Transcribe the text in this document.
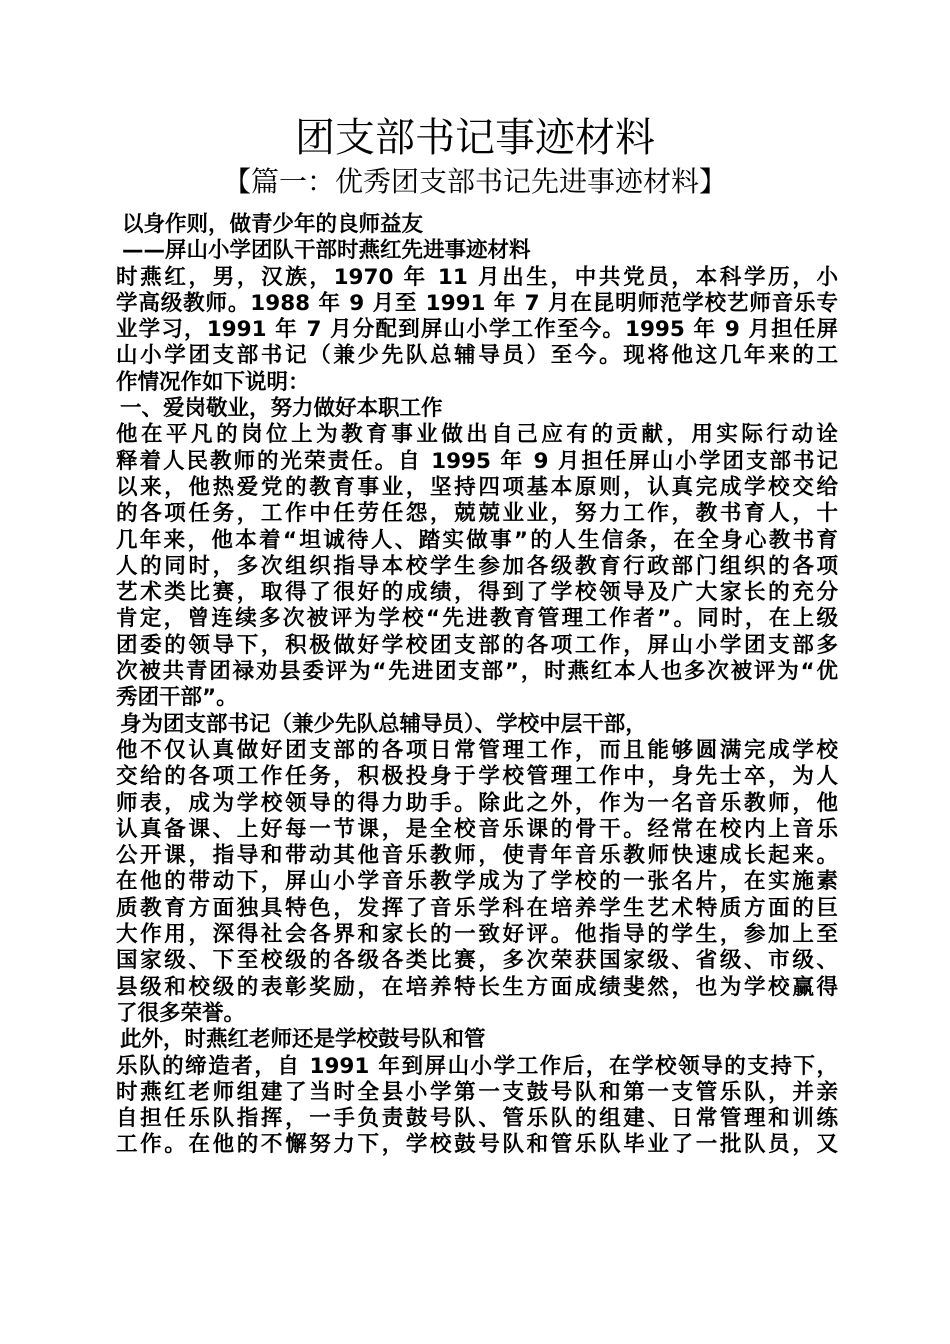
团支部书记事迹材料
【篇一：优秀团支部书记先进事迹材料】
以身作则，做青少年的良师益友
——屏山小学团队干部时燕红先进事迹材料
时燕红，男，汉族，1970 年 11 月出生，中共党员，本科学历，小
学高级教师。1988 年 9 月至 1991 年 7 月在昆明师范学校艺师音乐专
业学习，1991 年 7 月分配到屏山小学工作至今。1995 年 9 月担任屏
山小学团支部书记（兼少先队总辅导员）至今。现将他这几年来的工
作情况作如下说明：
一、爱岗敬业，努力做好本职工作
他在平凡的岗位上为教育事业做出自己应有的贡献，用实际行动诠
释着人民教师的光荣责任。自 1995 年 9 月担任屏山小学团支部书记
以来，他热爱党的教育事业，坚持四项基本原则，认真完成学校交给
的各项任务，工作中任劳任怨，兢兢业业，努力工作，教书育人，十
几年来，他本着“坦诚待人、踏实做事”的人生信条，在全身心教书育
人的同时，多次组织指导本校学生参加各级教育行政部门组织的各项
艺术类比赛，取得了很好的成绩，得到了学校领导及广大家长的充分
肯定，曾连续多次被评为学校“先进教育管理工作者”。同时，在上级
团委的领导下，积极做好学校团支部的各项工作，屏山小学团支部多
次被共青团禄劝县委评为“先进团支部”，时燕红本人也多次被评为“优
秀团干部”。
身为团支部书记（兼少先队总辅导员）、学校中层干部，
他不仅认真做好团支部的各项日常管理工作，而且能够圆满完成学校
交给的各项工作任务，积极投身于学校管理工作中，身先士卒，为人
师表，成为学校领导的得力助手。除此之外，作为一名音乐教师，他
认真备课、上好每一节课，是全校音乐课的骨干。经常在校内上音乐
公开课，指导和带动其他音乐教师，使青年音乐教师快速成长起来。
在他的带动下，屏山小学音乐教学成为了学校的一张名片，在实施素
质教育方面独具特色，发挥了音乐学科在培养学生艺术特质方面的巨
大作用，深得社会各界和家长的一致好评。他指导的学生，参加上至
国家级、下至校级的各级各类比赛，多次荣获国家级、省级、市级、
县级和校级的表彰奖励，在培养特长生方面成绩斐然，也为学校赢得
了很多荣誉。
此外，时燕红老师还是学校鼓号队和管
乐队的缔造者，自 1991 年到屏山小学工作后，在学校领导的支持下，
时燕红老师组建了当时全县小学第一支鼓号队和第一支管乐队，并亲
自担任乐队指挥，一手负责鼓号队、管乐队的组建、日常管理和训练
工作。在他的不懈努力下，学校鼓号队和管乐队毕业了一批队员，又
